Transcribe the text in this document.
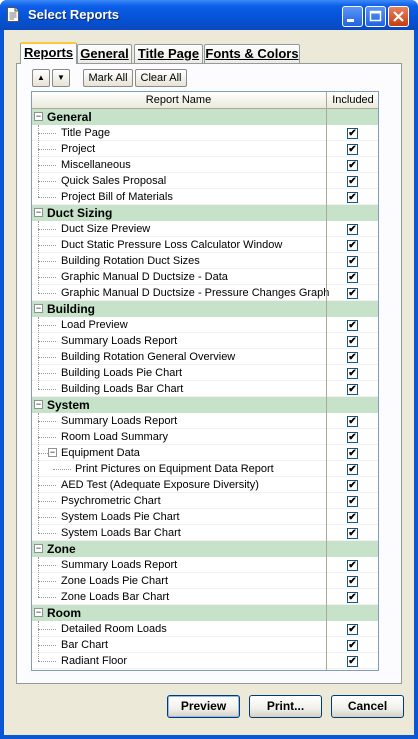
Select Reports
Reports General Title Page Fonts & Colors
▲	▼	Mark All	Clear All
Report Name	Included
− General
Title Page	✔
Project	✔
Miscellaneous	✔
Quick Sales Proposal	✔
Project Bill of Materials	✔
− Duct Sizing
Duct Size Preview	✔
Duct Static Pressure Loss Calculator Window	✔
Building Rotation Duct Sizes	✔
Graphic Manual D Ductsize - Data	✔
Graphic Manual D Ductsize - Pressure Changes Graph ✔
− Building
Load Preview	✔
Summary Loads Report	✔
Building Rotation General Overview	✔
Building Loads Pie Chart	✔
Building Loads Bar Chart	✔
− System
Summary Loads Report	✔
Room Load Summary	✔
− Equipment Data	✔
Print Pictures on Equipment Data Report	✔
AED Test (Adequate Exposure Diversity)	✔
Psychrometric Chart	✔
System Loads Pie Chart	✔
System Loads Bar Chart	✔
− Zone
Summary Loads Report	✔
Zone Loads Pie Chart	✔
Zone Loads Bar Chart	✔
− Room
Detailed Room Loads	✔
Bar Chart	✔
Radiant Floor	✔
Preview	Print...	Cancel
